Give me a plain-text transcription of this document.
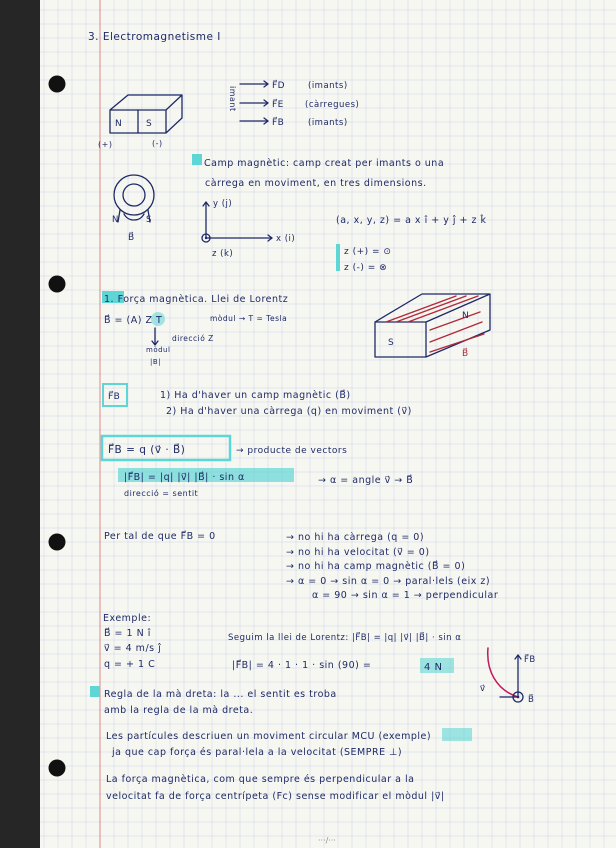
3. Electromagnetisme I
N	S
(+)	(-)
imant	F⃗D
F⃗E
F⃗B
(imants)
(càrregues)
(imants)
Camp magnètic: camp creat per imants o una
càrrega en moviment, en tres dimensions.
N	S
B⃗
y (j)
x (i)
z (k)
(a, x, y, z) = a x î + y ĵ + z k̂
z (+) = ⊙
z (-) = ⊗
1. Força magnètica. Llei de Lorentz
B⃗ = (A) Z T	mòdul → T = Tesla
direcció Z
mòdul
|B|
S
N
B⃗
F⃗B	1) Ha d'haver un camp magnètic (B⃗)
2) Ha d'haver una càrrega (q) en moviment (v⃗)
F⃗B = q (v⃗ · B⃗)	→ producte de vectors
|F⃗B| = |q| |v⃗| |B⃗| · sin α	→ α = angle v⃗ → B⃗
direcció = sentit
Per tal de que F⃗B = 0	→ no hi ha càrrega (q = 0)
→ no hi ha velocitat (v⃗ = 0)
→ no hi ha camp magnètic (B⃗ = 0)
→ α = 0 → sin α = 0 → paral·lels (eix z)
α = 90 → sin α = 1 → perpendicular
Exemple:
B⃗ = 1 N î
v⃗ = 4 m/s ĵ
q = + 1 C
Seguim la llei de Lorentz: |F⃗B| = |q| |v⃗| |B⃗| · sin α
|F⃗B| = 4 · 1 · 1 · sin (90) =	4 N
F⃗B
v⃗
B⃗
Regla de la mà dreta: la ... el sentit es troba
amb la regla de la mà dreta.
Les partícules descriuen un moviment circular MCU (exemple)
ja que cap força és paral·lela a la velocitat (SEMPRE ⊥)
La força magnètica, com que sempre és perpendicular a la
velocitat fa de força centrípeta (Fc) sense modificar el mòdul |v⃗|
···/···
